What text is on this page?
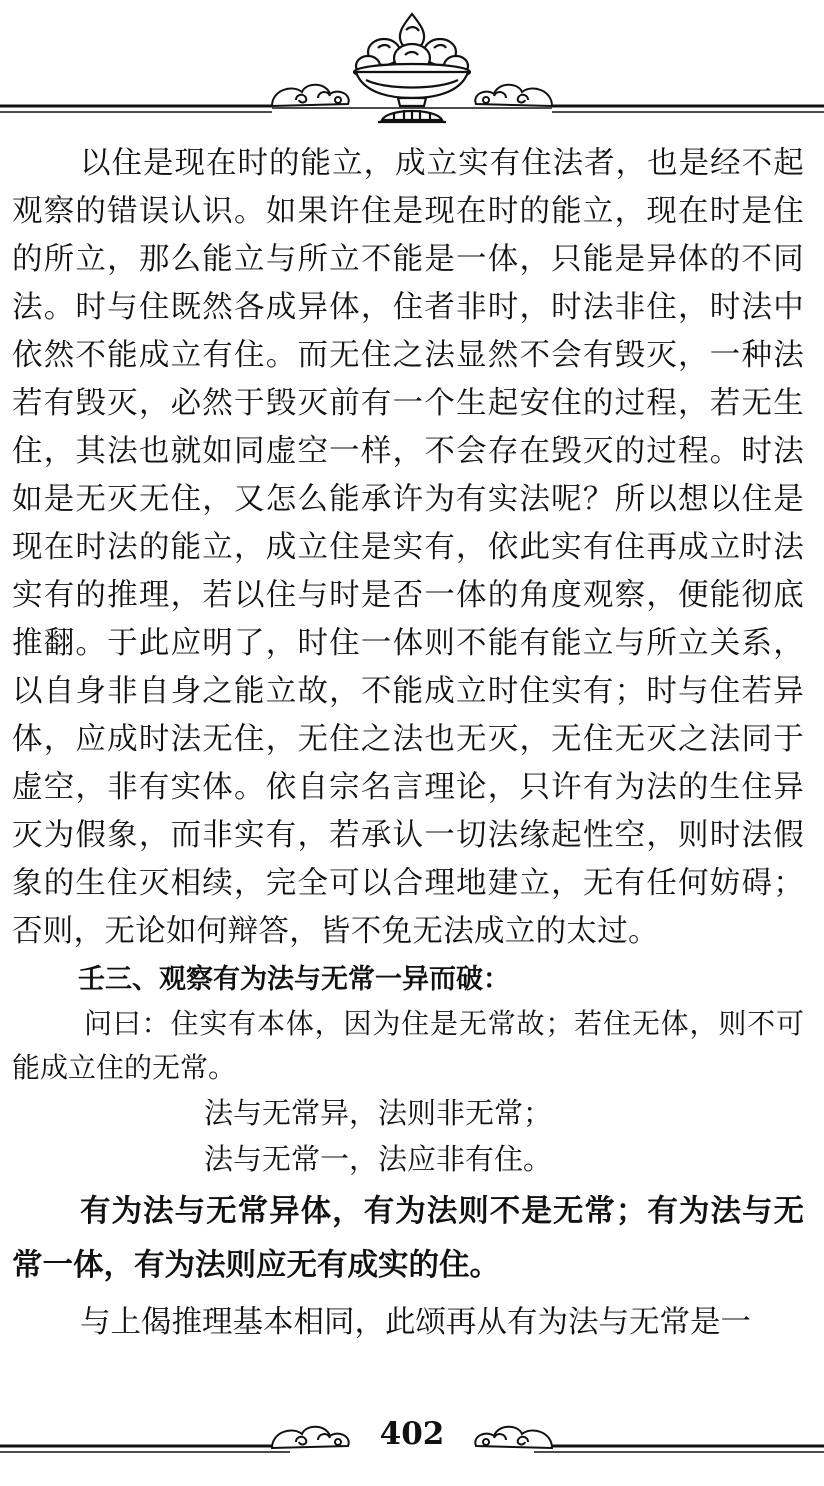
以住是现在时的能立，成立实有住法者，也是经不起观察的错误认识。如果许住是现在时的能立，现在时是住的所立，那么能立与所立不能是一体，只能是异体的不同法。时与住既然各成异体，住者非时，时法非住，时法中依然不能成立有住。而无住之法显然不会有毁灭，一种法若有毁灭，必然于毁灭前有一个生起安住的过程，若无生住，其法也就如同虚空一样，不会存在毁灭的过程。时法如是无灭无住，又怎么能承许为有实法呢？所以想以住是现在时法的能立，成立住是实有，依此实有住再成立时法实有的推理，若以住与时是否一体的角度观察，便能彻底推翻。于此应明了，时住一体则不能有能立与所立关系，以自身非自身之能立故，不能成立时住实有；时与住若异体，应成时法无住，无住之法也无灭，无住无灭之法同于虚空，非有实体。依自宗名言理论，只许有为法的生住异灭为假象，而非实有，若承认一切法缘起性空，则时法假象的生住灭相续，完全可以合理地建立，无有任何妨碍；否则，无论如何辩答，皆不免无法成立的太过。

壬三、观察有为法与无常一异而破：

问曰：住实有本体，因为住是无常故；若住无体，则不可能成立住的无常。

法与无常异，法则非无常；

法与无常一，法应非有住。

有为法与无常异体，有为法则不是无常；有为法与无常一体，有为法则应无有成实的住。

与上偈推理基本相同，此颂再从有为法与无常是一

402
